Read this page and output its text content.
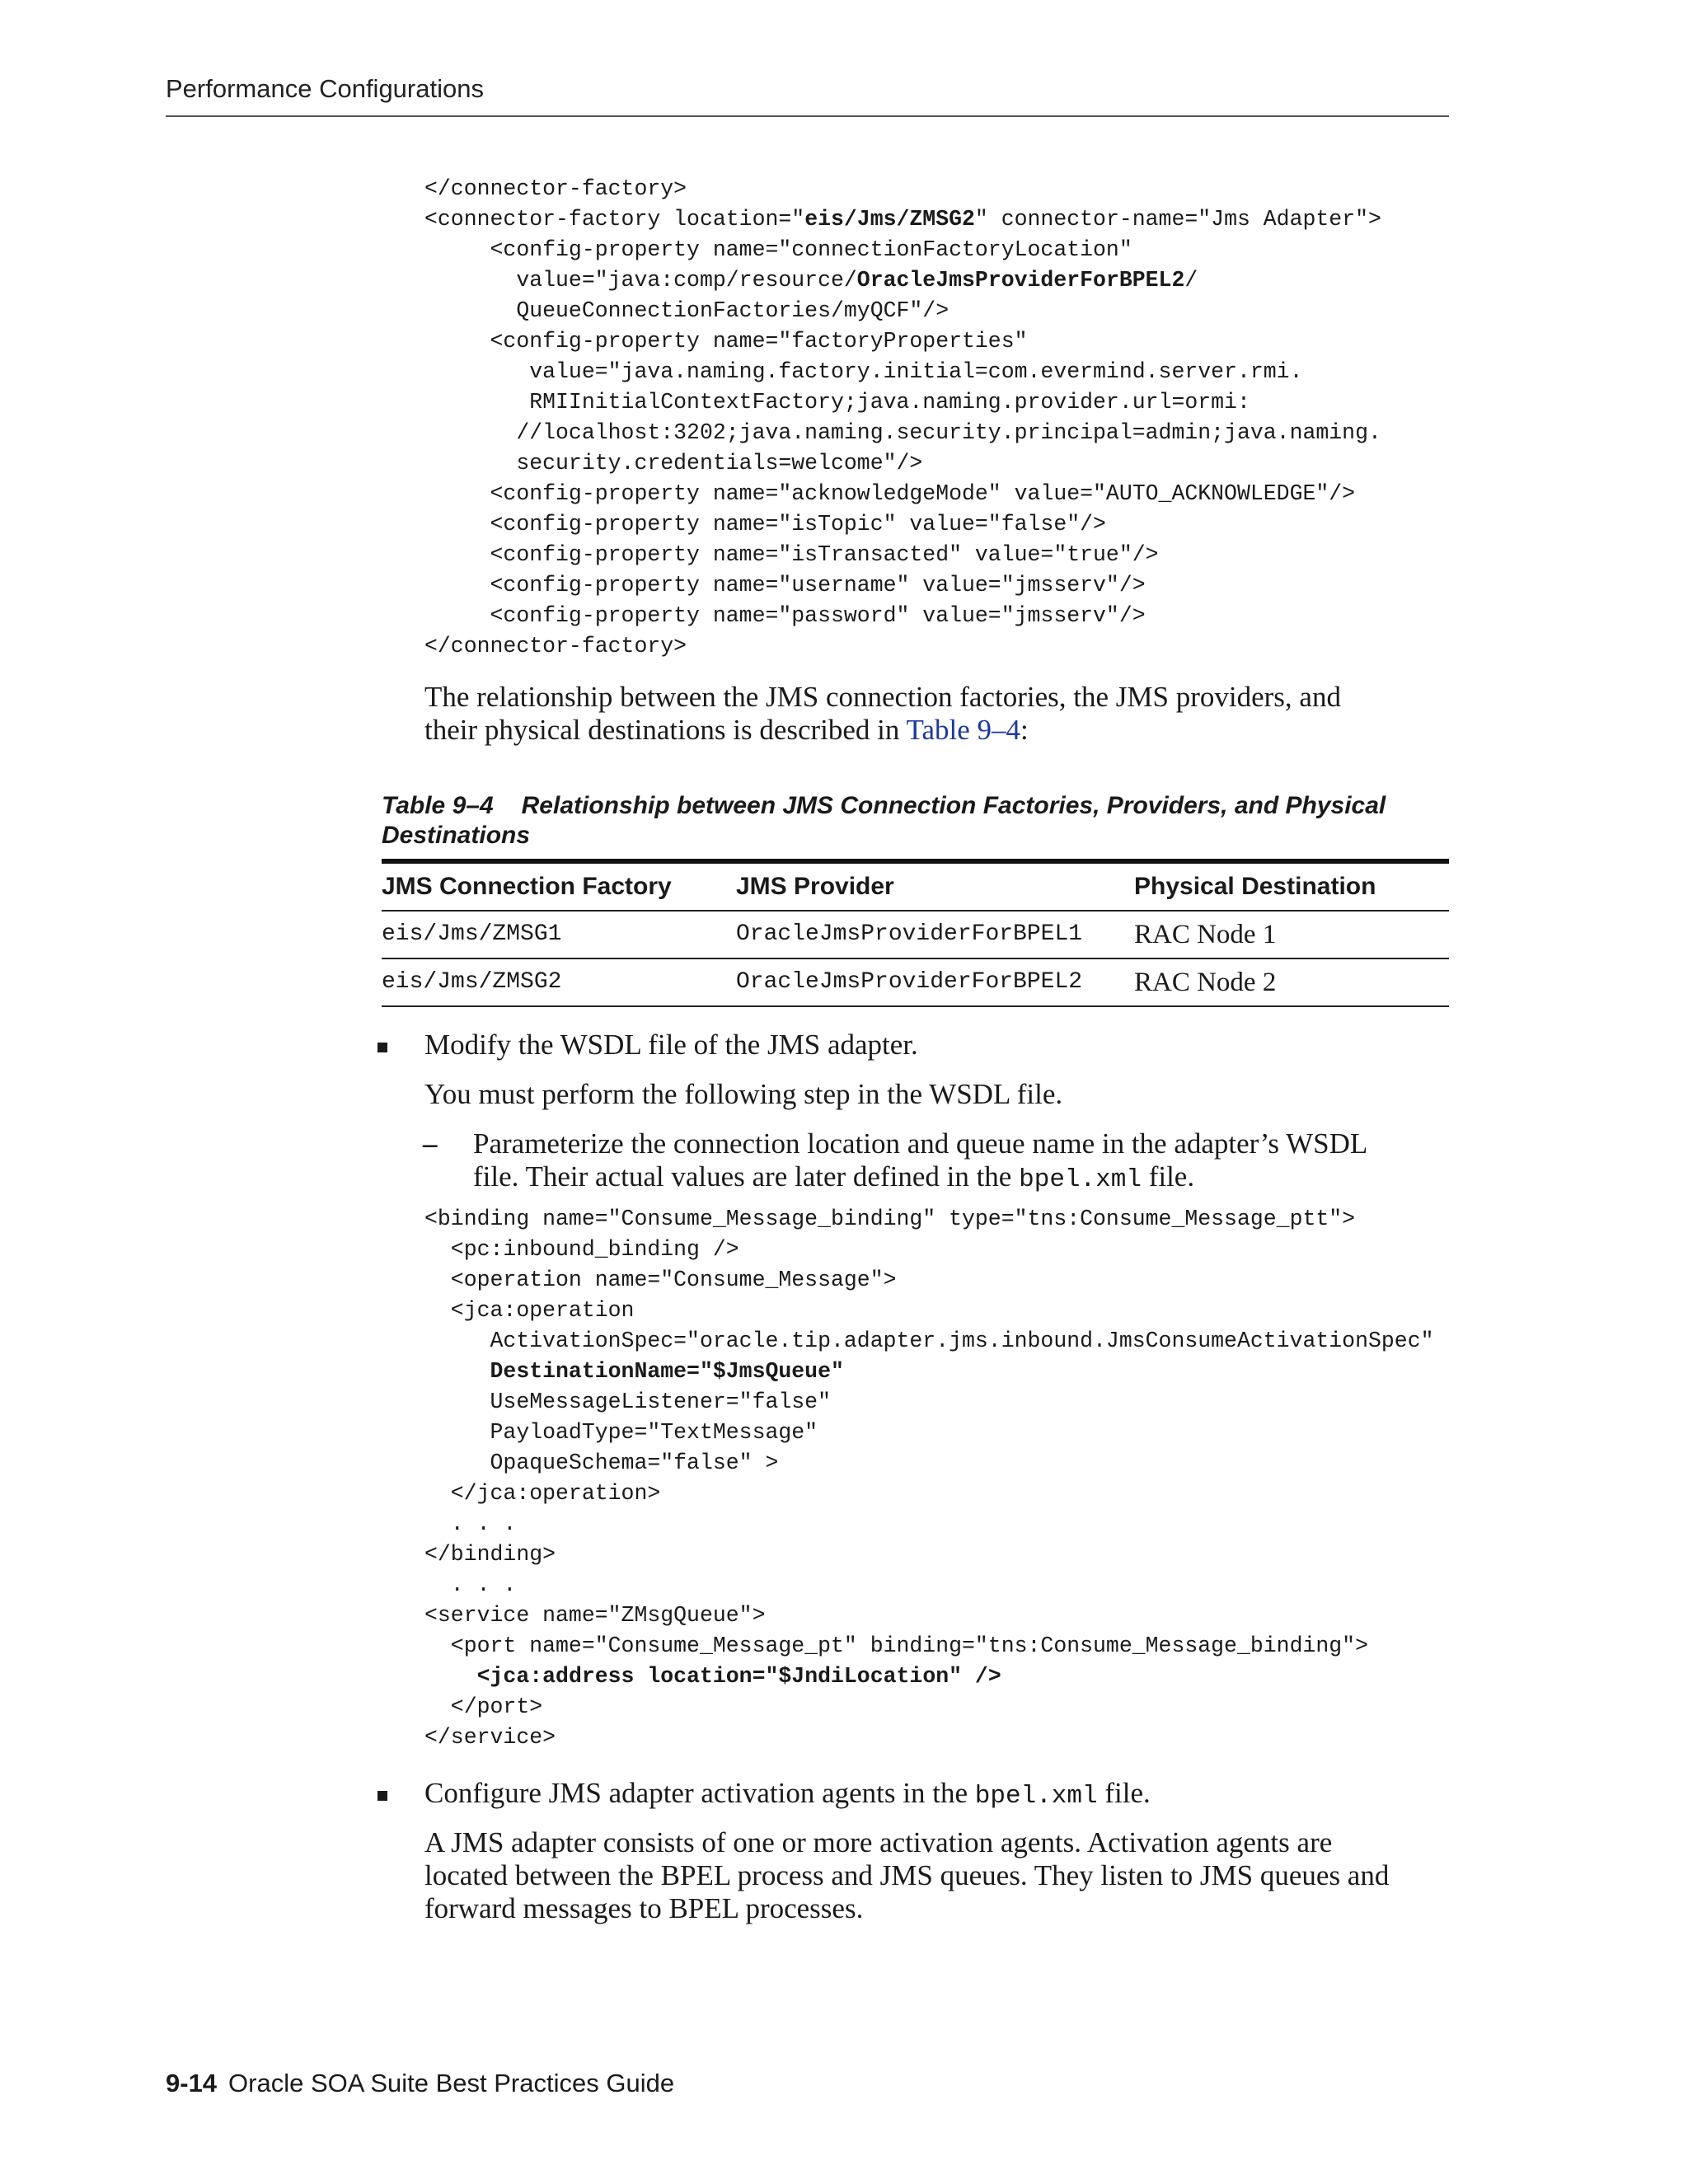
Performance Configurations
</connector-factory>
<connector-factory location="eis/Jms/ZMSG2" connector-name="Jms Adapter">
<config-property name="connectionFactoryLocation"
value="java:comp/resource/OracleJmsProviderForBPEL2/
QueueConnectionFactories/myQCF"/>
<config-property name="factoryProperties"
value="java.naming.factory.initial=com.evermind.server.rmi.
RMIInitialContextFactory;java.naming.provider.url=ormi:
//localhost:3202;java.naming.security.principal=admin;java.naming.
security.credentials=welcome"/>
<config-property name="acknowledgeMode" value="AUTO_ACKNOWLEDGE"/>
<config-property name="isTopic" value="false"/>
<config-property name="isTransacted" value="true"/>
<config-property name="username" value="jmsserv"/>
<config-property name="password" value="jmsserv"/>
</connector-factory>
The relationship between the JMS connection factories, the JMS providers, and
their physical destinations is described in Table 9–4:
Table 9–4 Relationship between JMS Connection Factories, Providers, and Physical
Destinations
JMS Connection Factory	JMS Provider	Physical Destination
eis/Jms/ZMSG1	OracleJmsProviderForBPEL1 RAC Node 1
eis/Jms/ZMSG2	OracleJmsProviderForBPEL2 RAC Node 2
Modify the WSDL file of the JMS adapter.
You must perform the following step in the WSDL file.
– Parameterize the connection location and queue name in the adapter’s WSDL
file. Their actual values are later defined in the bpel.xml file.
<binding name="Consume_Message_binding" type="tns:Consume_Message_ptt">
<pc:inbound_binding />
<operation name="Consume_Message">
<jca:operation
ActivationSpec="oracle.tip.adapter.jms.inbound.JmsConsumeActivationSpec"
DestinationName="$JmsQueue"
UseMessageListener="false"
PayloadType="TextMessage"
OpaqueSchema="false" >
</jca:operation>
. . .
</binding>
. . .
<service name="ZMsgQueue">
<port name="Consume_Message_pt" binding="tns:Consume_Message_binding">
<jca:address location="$JndiLocation" />
</port>
</service>
Configure JMS adapter activation agents in the bpel.xml file.
A JMS adapter consists of one or more activation agents. Activation agents are
located between the BPEL process and JMS queues. They listen to JMS queues and
forward messages to BPEL processes.
9-14 Oracle SOA Suite Best Practices Guide
